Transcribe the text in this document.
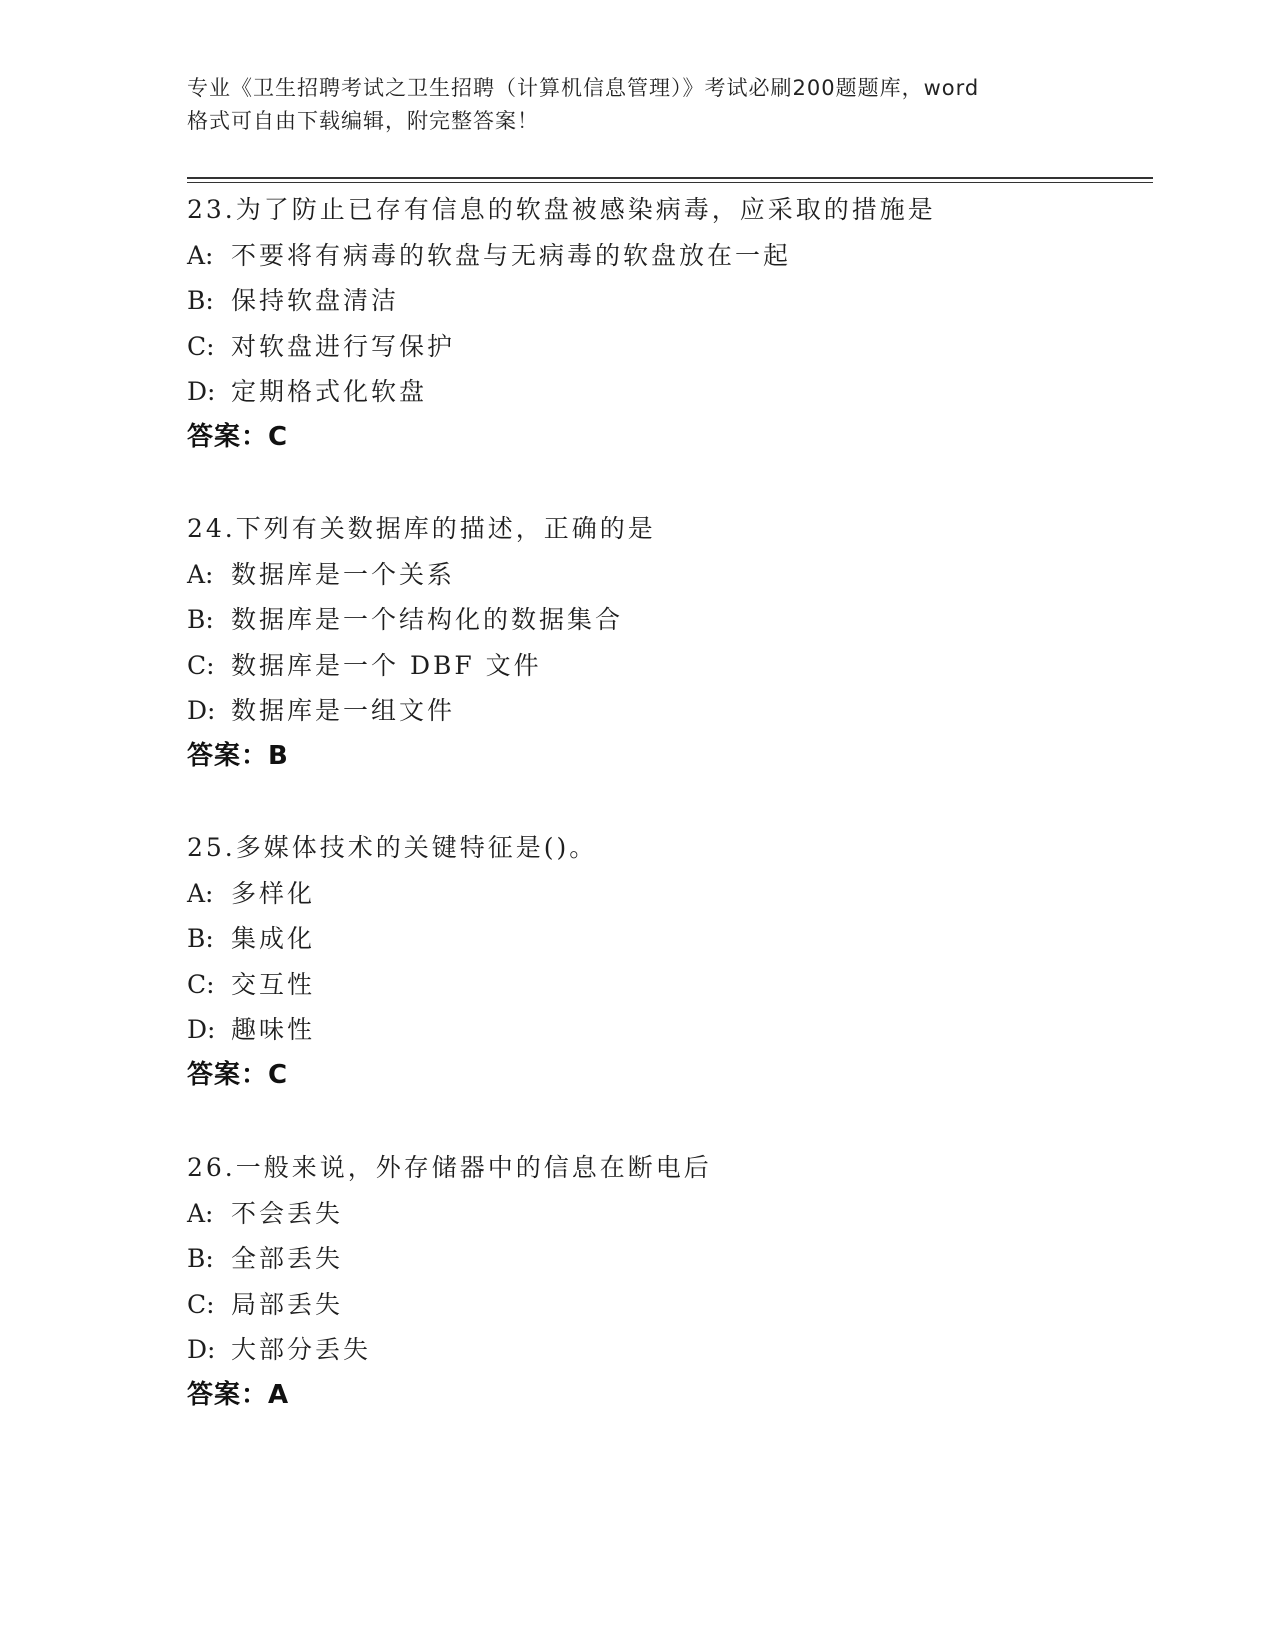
专业《卫生招聘考试之卫生招聘（计算机信息管理）》考试必刷200题题库，word
格式可自由下载编辑，附完整答案！
23.为了防止已存有信息的软盘被感染病毒，应采取的措施是
A: 不要将有病毒的软盘与无病毒的软盘放在一起
B: 保持软盘清洁
C: 对软盘进行写保护
D: 定期格式化软盘
答案：C
24.下列有关数据库的描述，正确的是
A: 数据库是一个关系
B: 数据库是一个结构化的数据集合
C: 数据库是一个 DBF 文件
D: 数据库是一组文件
答案：B
25.多媒体技术的关键特征是()。
A: 多样化
B: 集成化
C: 交互性
D: 趣味性
答案：C
26.一般来说，外存储器中的信息在断电后
A: 不会丢失
B: 全部丢失
C: 局部丢失
D: 大部分丢失
答案：A
